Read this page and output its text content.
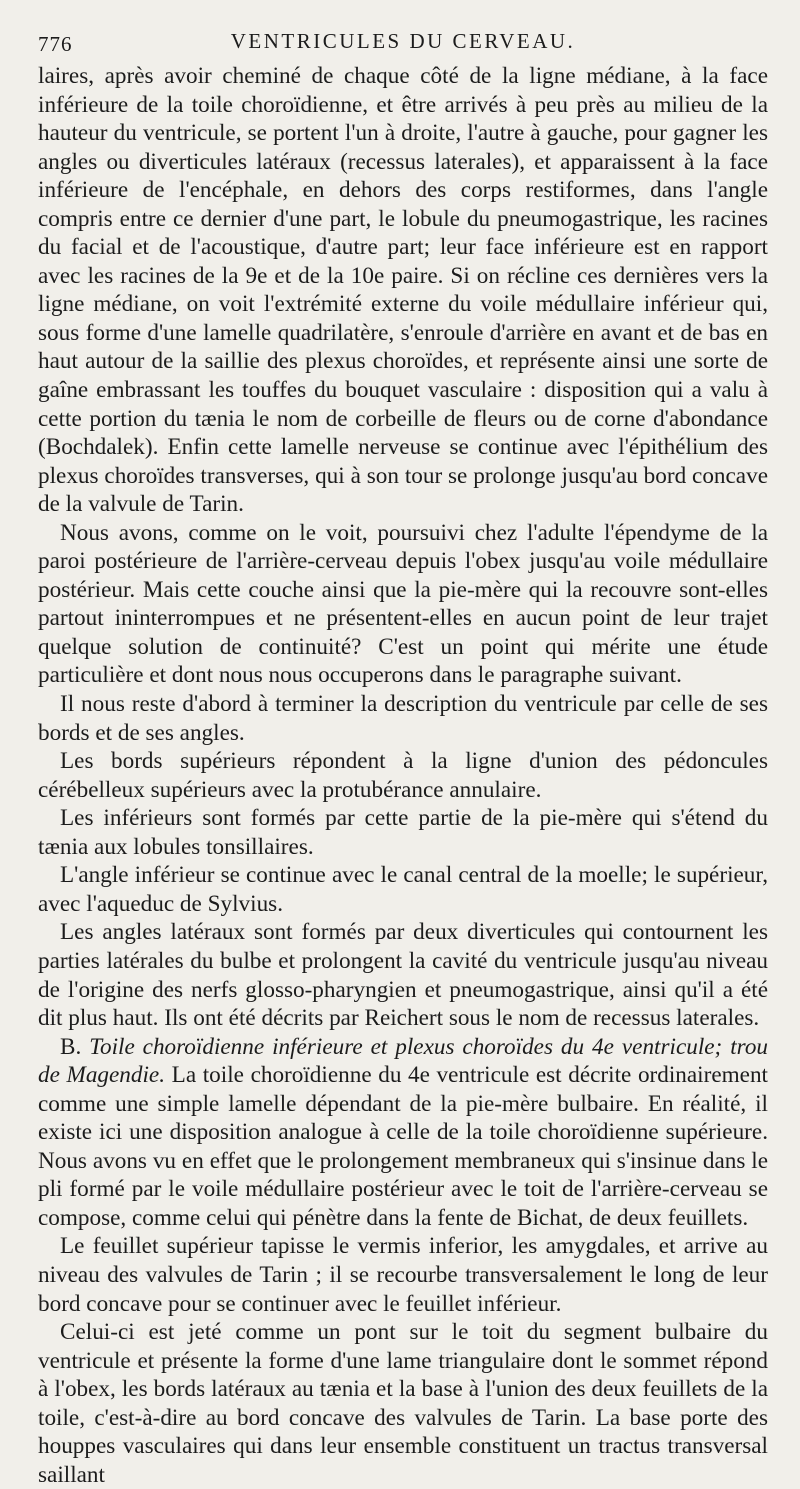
776	VENTRICULES DU CERVEAU.

laires, après avoir cheminé de chaque côté de la ligne médiane, à la face inférieure de la toile choroïdienne, et être arrivés à peu près au milieu de la hauteur du ventricule, se portent l'un à droite, l'autre à gauche, pour gagner les angles ou diverticules latéraux (recessus laterales), et apparaissent à la face inférieure de l'encéphale, en dehors des corps restiformes, dans l'angle compris entre ce dernier d'une part, le lobule du pneumogastrique, les racines du facial et de l'acoustique, d'autre part; leur face inférieure est en rapport avec les racines de la 9e et de la 10e paire. Si on récline ces dernières vers la ligne médiane, on voit l'extrémité externe du voile médullaire inférieur qui, sous forme d'une lamelle quadrilatère, s'enroule d'arrière en avant et de bas en haut autour de la saillie des plexus choroïdes, et représente ainsi une sorte de gaîne embrassant les touffes du bouquet vasculaire : disposition qui a valu à cette portion du tænia le nom de corbeille de fleurs ou de corne d'abondance (Bochdalek). Enfin cette lamelle nerveuse se continue avec l'épithélium des plexus choroïdes transverses, qui à son tour se prolonge jusqu'au bord concave de la valvule de Tarin.

Nous avons, comme on le voit, poursuivi chez l'adulte l'épendyme de la paroi postérieure de l'arrière-cerveau depuis l'obex jusqu'au voile médullaire postérieur. Mais cette couche ainsi que la pie-mère qui la recouvre sont-elles partout ininterrompues et ne présentent-elles en aucun point de leur trajet quelque solution de continuité? C'est un point qui mérite une étude particulière et dont nous nous occuperons dans le paragraphe suivant.

Il nous reste d'abord à terminer la description du ventricule par celle de ses bords et de ses angles.

Les bords supérieurs répondent à la ligne d'union des pédoncules cérébelleux supérieurs avec la protubérance annulaire.

Les inférieurs sont formés par cette partie de la pie-mère qui s'étend du tænia aux lobules tonsillaires.

L'angle inférieur se continue avec le canal central de la moelle; le supérieur, avec l'aqueduc de Sylvius.

Les angles latéraux sont formés par deux diverticules qui contournent les parties latérales du bulbe et prolongent la cavité du ventricule jusqu'au niveau de l'origine des nerfs glosso-pharyngien et pneumogastrique, ainsi qu'il a été dit plus haut. Ils ont été décrits par Reichert sous le nom de recessus laterales.

B. Toile choroïdienne inférieure et plexus choroïdes du 4e ventricule; trou de Magendie. La toile choroïdienne du 4e ventricule est décrite ordinairement comme une simple lamelle dépendant de la pie-mère bulbaire. En réalité, il existe ici une disposition analogue à celle de la toile choroïdienne supérieure. Nous avons vu en effet que le prolongement membraneux qui s'insinue dans le pli formé par le voile médullaire postérieur avec le toit de l'arrière-cerveau se compose, comme celui qui pénètre dans la fente de Bichat, de deux feuillets.

Le feuillet supérieur tapisse le vermis inferior, les amygdales, et arrive au niveau des valvules de Tarin ; il se recourbe transversalement le long de leur bord concave pour se continuer avec le feuillet inférieur.

Celui-ci est jeté comme un pont sur le toit du segment bulbaire du ventricule et présente la forme d'une lame triangulaire dont le sommet répond à l'obex, les bords latéraux au tænia et la base à l'union des deux feuillets de la toile, c'est-à-dire au bord concave des valvules de Tarin. La base porte des houppes vasculaires qui dans leur ensemble constituent un tractus transversal saillant
